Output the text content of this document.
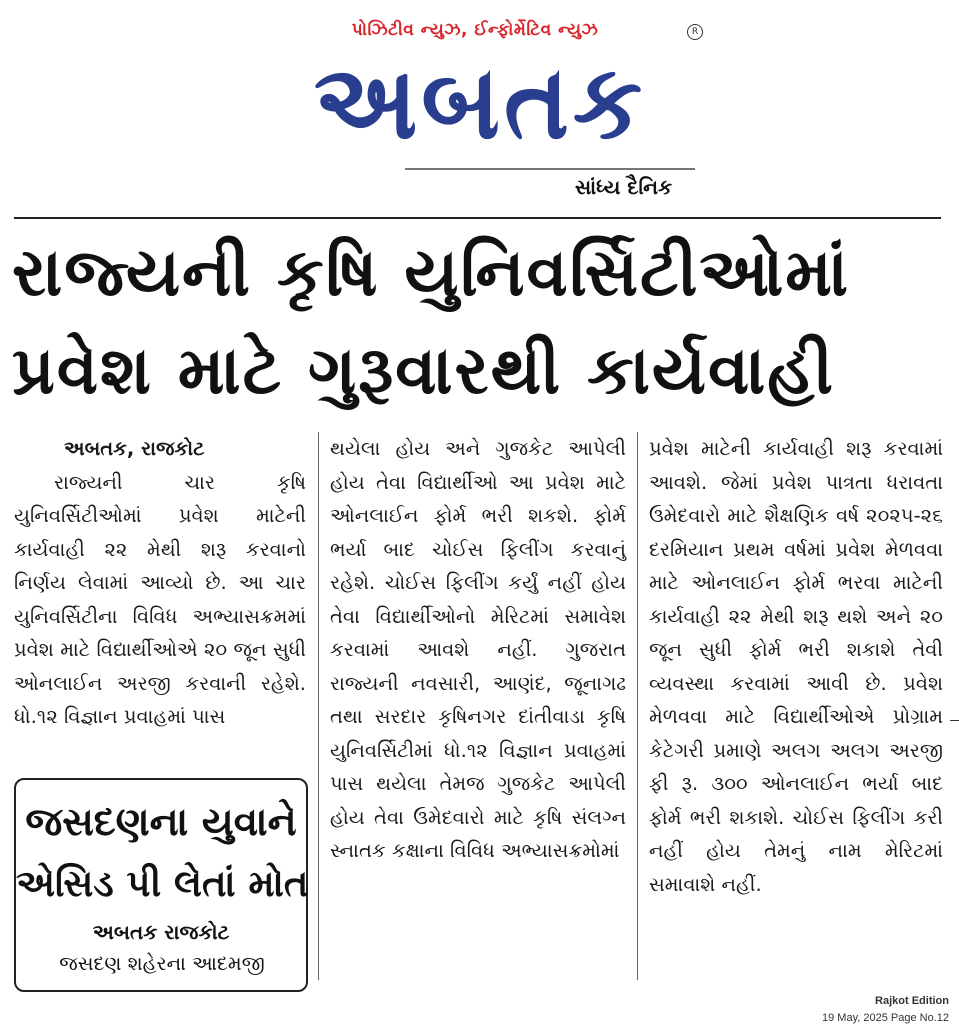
પોઝિટીવ ન્યુઝ, ઈન્ફોર્મેટિવ ન્યુઝ	R
અબતક
સાંધ્ય દૈનિક
રાજ્યની કૃષિ યુનિવર્સિટીઓમાં
પ્રવેશ માટે ગુરૂવારથી કાર્યવાહી

અબતક, રાજકોટ

રાજ્યની ચાર કૃષિ યુનિવર્સિટીઓમાં પ્રવેશ માટેની કાર્યવાહી ૨૨ મેથી શરૂ કરવાનો નિર્ણય લેવામાં આવ્યો છે. આ ચાર યુનિવર્સિટીના વિવિધ અભ્યાસક્રમમાં પ્રવેશ માટે વિદ્યાર્થીઓએ ૨૦ જૂન સુધી ઓનલાઈન અરજી કરવાની રહેશે. ધો.૧૨ વિજ્ઞાન પ્રવાહમાં પાસ

થયેલા હોય અને ગુજકેટ આપેલી હોય તેવા વિદ્યાર્થીઓ આ પ્રવેશ માટે ઓનલાઈન ફોર્મ ભરી શકશે. ફોર્મ ભર્યા બાદ ચોઈસ ફિલીંગ કરવાનું રહેશે. ચોઈસ ફિલીંગ કર્યું નહીં હોય તેવા વિદ્યાર્થીઓનો મેરિટમાં સમાવેશ કરવામાં આવશે નહીં. ગુજરાત રાજ્યની નવસારી, આણંદ, જૂનાગઢ તથા સરદાર કૃષિનગર દાંતીવાડા કૃષિ યુનિવર્સિટીમાં ધો.૧૨ વિજ્ઞાન પ્રવાહમાં પાસ થયેલા તેમજ ગુજકેટ આપેલી હોય તેવા ઉમેદવારો માટે કૃષિ સંલગ્ન સ્નાતક કક્ષાના વિવિધ અભ્યાસક્રમોમાં

પ્રવેશ માટેની કાર્યવાહી શરૂ કરવામાં આવશે. જેમાં પ્રવેશ પાત્રતા ધરાવતા ઉમેદવારો માટે શૈક્ષણિક વર્ષ ૨૦૨૫-૨૬ દરમિયાન પ્રથમ વર્ષમાં પ્રવેશ મેળવવા માટે ઓનલાઈન ફોર્મ ભરવા માટેની કાર્યવાહી ૨૨ મેથી શરૂ થશે અને ૨૦ જૂન સુધી ફોર્મ ભરી શકાશે તેવી વ્યવસ્થા કરવામાં આવી છે. પ્રવેશ મેળવવા માટે વિદ્યાર્થીઓએ પ્રોગ્રામ કેટેગરી પ્રમાણે અલગ અલગ અરજી ફી રૂ. ૩૦૦ ઓનલાઈન ભર્યા બાદ ફોર્મ ભરી શકાશે. ચોઈસ ફિલીંગ કરી નહીં હોય તેમનું નામ મેરિટમાં સમાવાશે નહીં.

જસદણના યુવાને
એસિડ પી લેતાં મોત
અબતક રાજકોટ
જસદણ શહેરના આદમજી
Rajkot Edition
19 May, 2025 Page No.12
